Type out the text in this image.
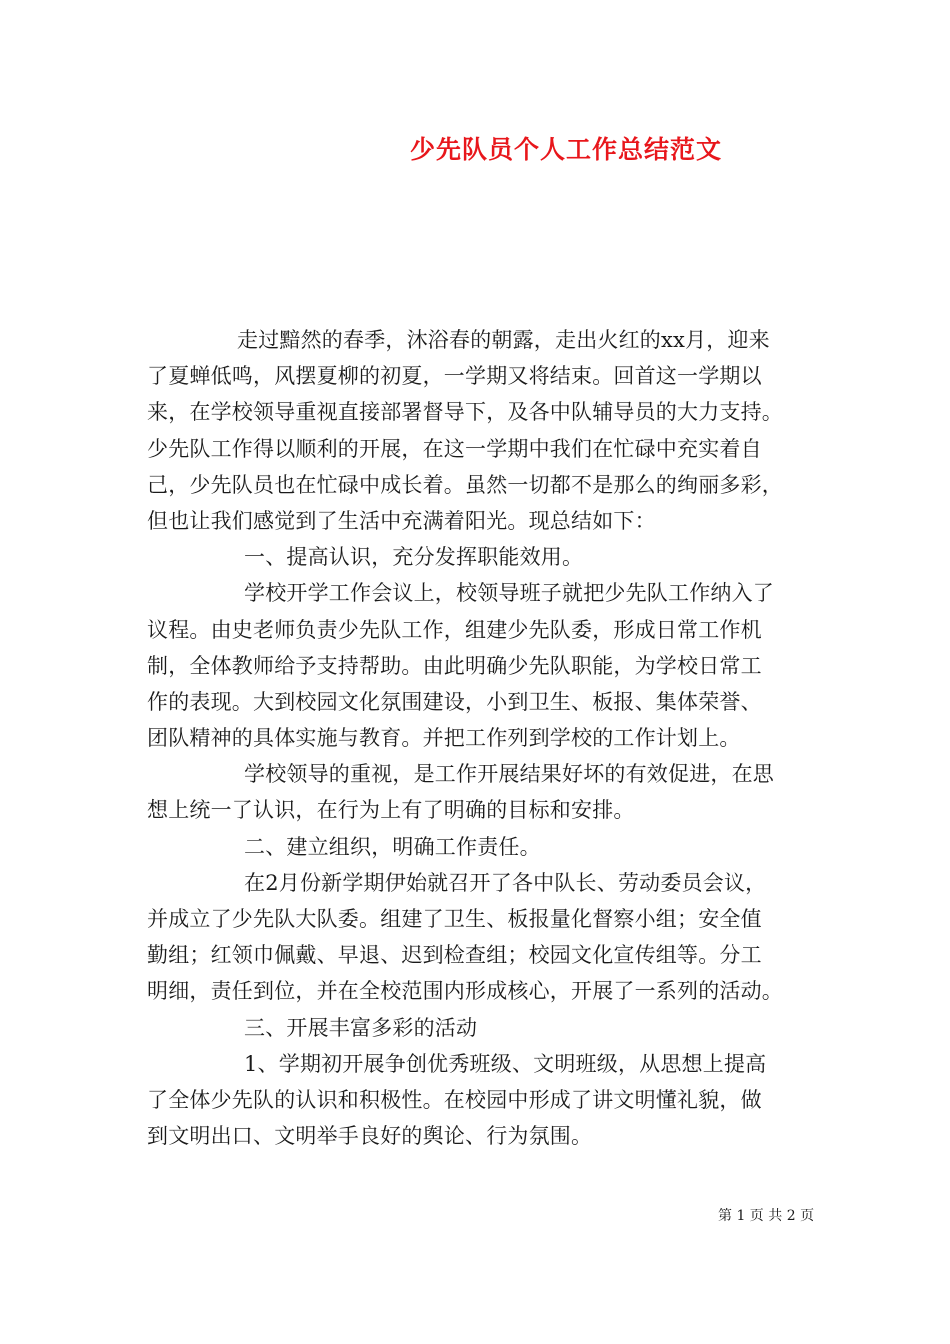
少先队员个人工作总结范文
走过黯然的春季，沐浴春的朝露，走出火红的xx月，迎来
了夏蝉低鸣，风摆夏柳的初夏，一学期又将结束。回首这一学期以
来，在学校领导重视直接部署督导下，及各中队辅导员的大力支持。
少先队工作得以顺利的开展，在这一学期中我们在忙碌中充实着自
己，少先队员也在忙碌中成长着。虽然一切都不是那么的绚丽多彩，
但也让我们感觉到了生活中充满着阳光。现总结如下：
一、提高认识，充分发挥职能效用。
学校开学工作会议上，校领导班子就把少先队工作纳入了
议程。由史老师负责少先队工作，组建少先队委，形成日常工作机
制，全体教师给予支持帮助。由此明确少先队职能，为学校日常工
作的表现。大到校园文化氛围建设，小到卫生、板报、集体荣誉、
团队精神的具体实施与教育。并把工作列到学校的工作计划上。
学校领导的重视，是工作开展结果好坏的有效促进，在思
想上统一了认识，在行为上有了明确的目标和安排。
二、建立组织，明确工作责任。
在2月份新学期伊始就召开了各中队长、劳动委员会议，
并成立了少先队大队委。组建了卫生、板报量化督察小组；安全值
勤组；红领巾佩戴、早退、迟到检查组；校园文化宣传组等。分工
明细，责任到位，并在全校范围内形成核心，开展了一系列的活动。
三、开展丰富多彩的活动
1、学期初开展争创优秀班级、文明班级，从思想上提高
了全体少先队的认识和积极性。在校园中形成了讲文明懂礼貌，做
到文明出口、文明举手良好的舆论、行为氛围。
第 1 页 共 2 页
